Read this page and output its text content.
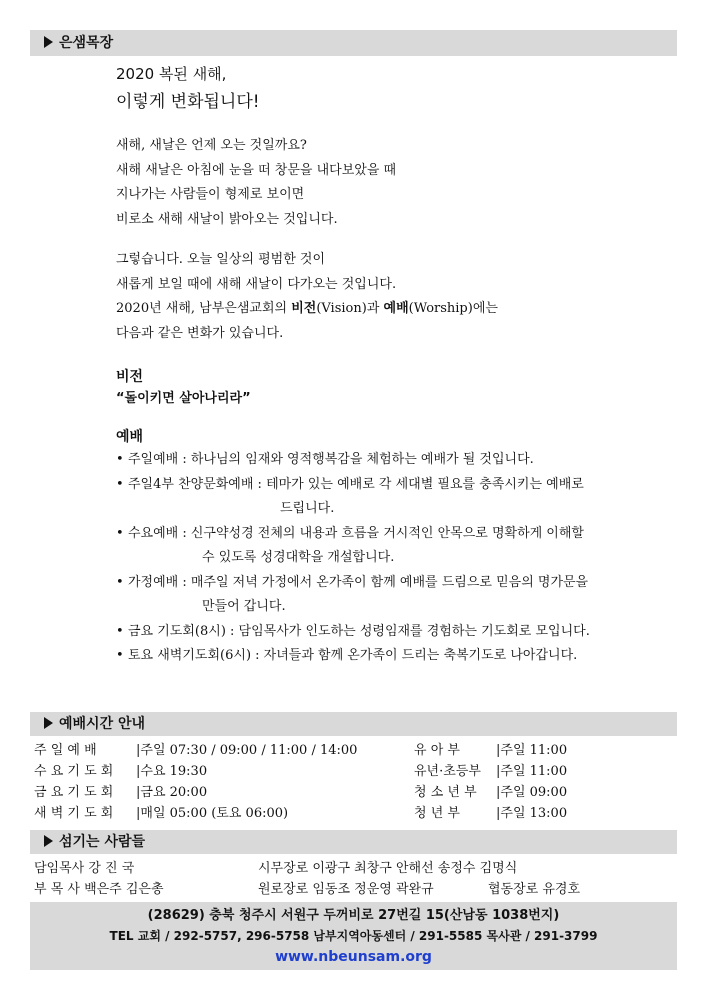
은샘목장

2020 복된 새해,

이렇게 변화됩니다!

새해, 새날은 언제 오는 것일까요?

새해 새날은 아침에 눈을 떠 창문을 내다보았을 때

지나가는 사람들이 형제로 보이면

비로소 새해 새날이 밝아오는 것입니다.

그렇습니다. 오늘 일상의 평범한 것이

새롭게 보일 때에 새해 새날이 다가오는 것입니다.

2020년 새해, 남부은샘교회의 비전(Vision)과 예배(Worship)에는

다음과 같은 변화가 있습니다.

비전

“돌이키면 살아나리라”

예배

• 주일예배 : 하나님의 임재와 영적행복감을 체험하는 예배가 될 것입니다.
• 주일4부 찬양문화예배 : 테마가 있는 예배로 각 세대별 필요를 충족시키는 예배로
드립니다.
• 수요예배 : 신구약성경 전체의 내용과 흐름을 거시적인 안목으로 명확하게 이해할
수 있도록 성경대학을 개설합니다.
• 가정예배 : 매주일 저녁 가정에서 온가족이 함께 예배를 드림으로 믿음의 명가문을
만들어 갑니다.
• 금요 기도회(8시) : 담임목사가 인도하는 성령임재를 경험하는 기도회로 모입니다.
• 토요 새벽기도회(6시) : 자녀들과 함께 온가족이 드리는 축복기도로 나아갑니다.
예배시간 안내
주 일 예 배	|주일 07:30 / 09:00 / 11:00 / 14:00	유 아 부	|주일 11:00
수 요 기 도 회 |수요 19:30	유년·초등부 |주일 11:00
금 요 기 도 회 |금요 20:00	청 소 년 부 |주일 09:00
새 벽 기 도 회 |매일 05:00 (토요 06:00)	청 년 부	|주일 13:00
섬기는 사람들
담임목사 강 진 국	시무장로 이광구 최창구 안해선 송정수 김명식
부 목 사 백은주 김은총	원로장로 임동조 정운영 곽완규	협동장로 유경호
(28629) 충북 청주시 서원구 두꺼비로 27번길 15(산남동 1038번지)
TEL 교회 / 292-5757, 296-5758 남부지역아동센터 / 291-5585 목사관 / 291-3799
www.nbeunsam.org
